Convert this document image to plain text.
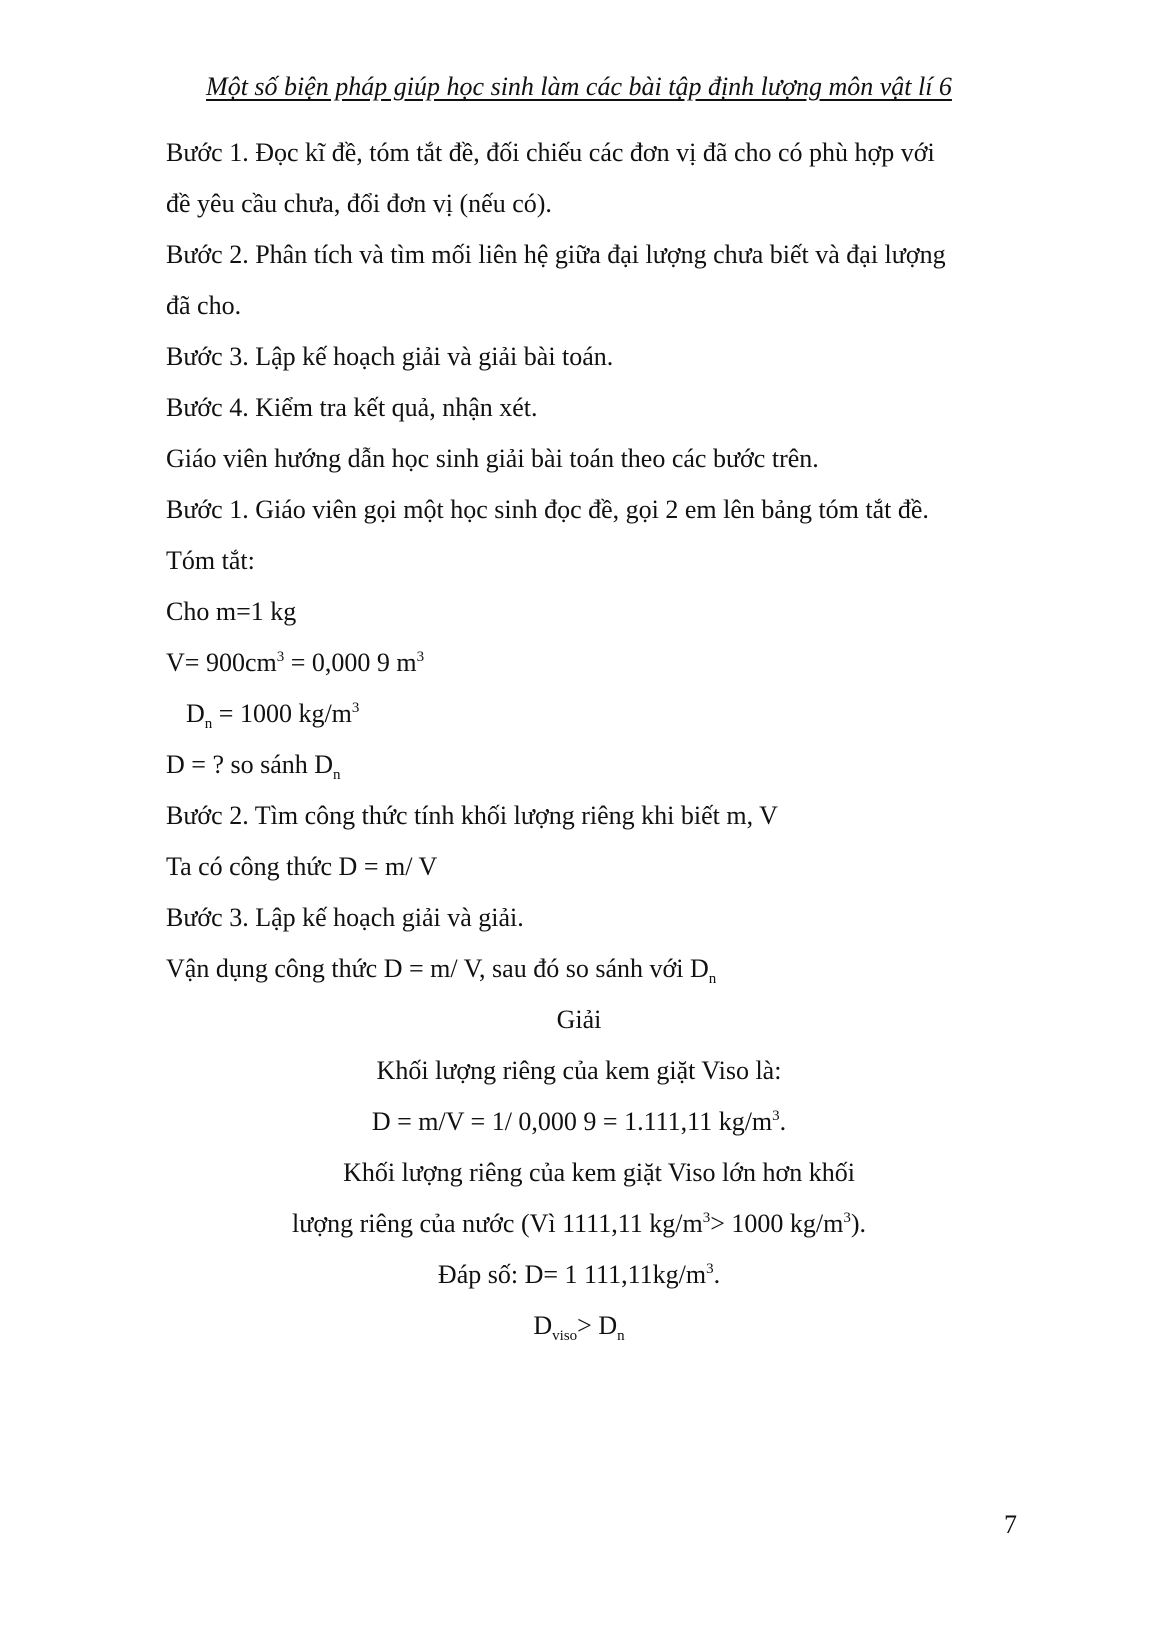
Một số biện pháp giúp học sinh làm các bài tập định lượng môn vật lí 6
Bước 1. Đọc kĩ đề, tóm tắt đề, đối chiếu các đơn vị đã cho có phù hợp với
đề yêu cầu chưa, đổi đơn vị (nếu có).
Bước 2. Phân tích và tìm mối liên hệ giữa đại lượng chưa biết và đại lượng
đã cho.
Bước 3. Lập kế hoạch giải và giải bài toán.
Bước 4. Kiểm tra kết quả, nhận xét.
Giáo viên hướng dẫn học sinh giải bài toán theo các bước trên.
Bước 1. Giáo viên gọi một học sinh đọc đề, gọi 2 em lên bảng tóm tắt đề.
Tóm tắt:
Cho m=1 kg
$V= 900cm^3 = 0,000$ 9 $m^3$
$D_n = 1000$ $kg/m^3$
D = ? so sánh $D_n$
Bước 2. Tìm công thức tính khối lượng riêng khi biết m, V
Ta có công thức D = m/ V
Bước 3. Lập kế hoạch giải và giải.
Vận dụng công thức D = m/ V, sau đó so sánh với $D_n$
Giải
Khối lượng riêng của kem giặt Viso là:
D = m/V = 1/ 0,000 9 = 1.111,11 $kg/m^3$.
Khối lượng riêng của kem giặt Viso lớn hơn khối
lượng riêng của nước (Vì 1111,11 $kg/m^3> 1000$ $kg/m^3$).
Đáp số: D= 1 $111,11kg/m^3$.
$D_{viso}> D_n$
7
